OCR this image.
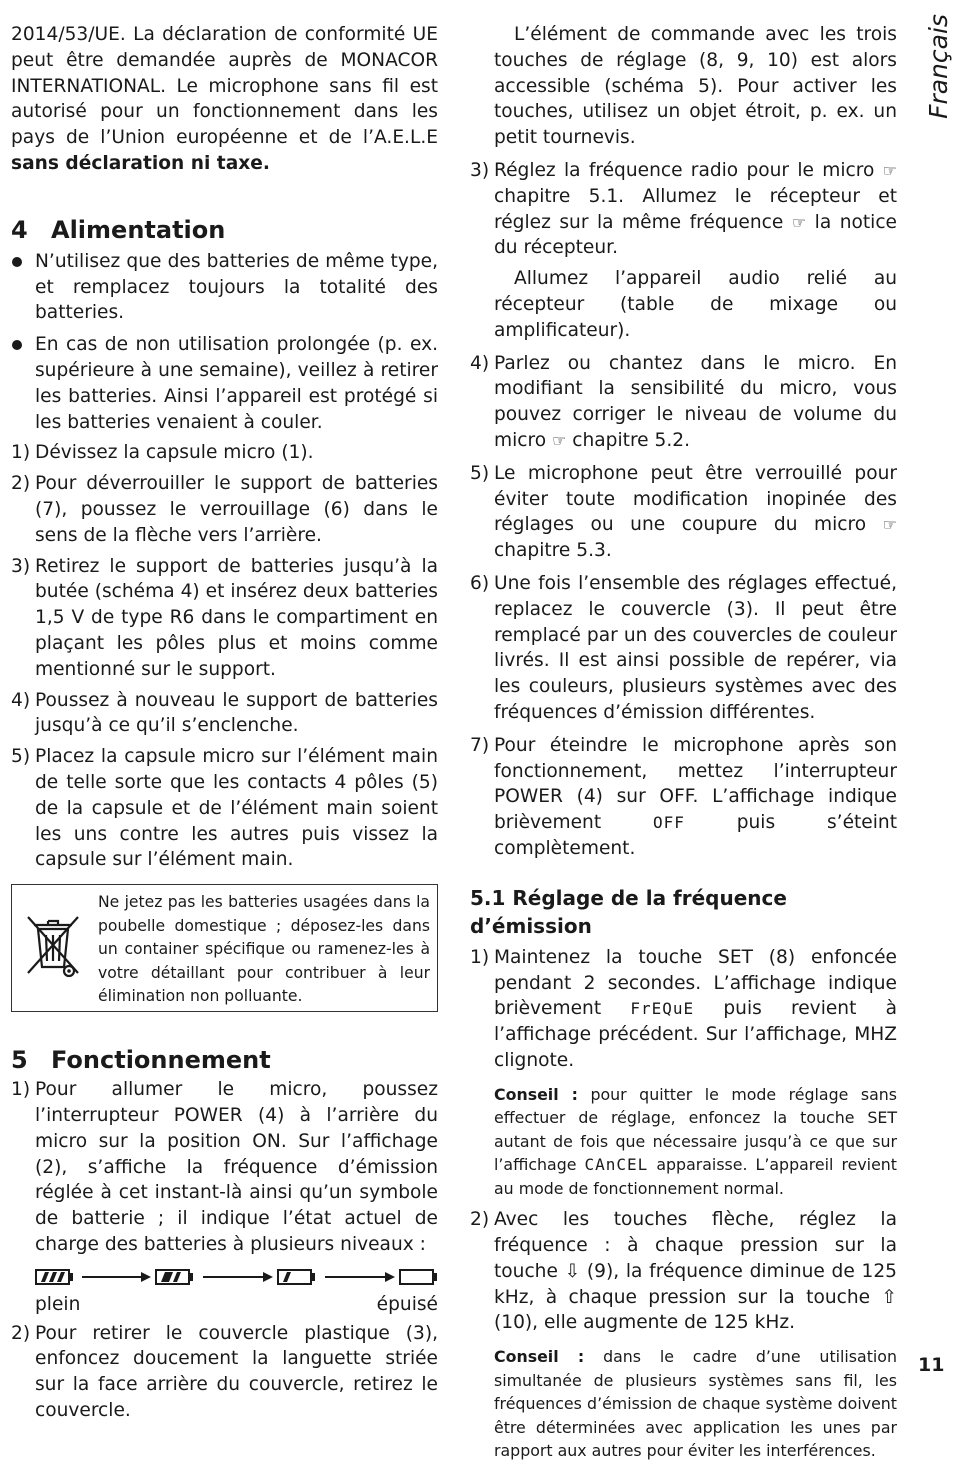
Français

2014/53/UE. La déclaration de conformité UE peut être demandée auprès de MONACOR INTERNATIONAL. Le microphone sans fil est autorisé pour un fonctionnement dans les pays de l’Union européenne et de l’A.E.L.E sans déclaration ni taxe.

4 Alimentation
N’utilisez que des batteries de même type, et remplacez toujours la totalité des batteries.
En cas de non utilisation prolongée (p. ex. supérieure à une semaine), veillez à retirer les batteries. Ainsi l’appareil est protégé si les batteries venaient à couler.
1) Dévissez la capsule micro (1).
2) Pour déverrouiller le support de batteries (7), poussez le verrouillage (6) dans le sens de la flèche vers l’arrière.
3) Retirez le support de batteries jusqu’à la butée (schéma 4) et insérez deux batteries 1,5 V de type R6 dans le compartiment en plaçant les pôles plus et moins comme mentionné sur le support.
4) Poussez à nouveau le support de batteries jusqu’à ce qu’il s’enclenche.
5) Placez la capsule micro sur l’élément main de telle sorte que les contacts 4 pôles (5) de la capsule et de l’élément main soient les uns contre les autres puis vissez la capsule sur l’élément main.
Ne jetez pas les batteries usagées dans la poubelle domestique ; déposez-les dans un container spécifique ou ramenez-les à votre détaillant pour contribuer à leur élimination non polluante.
5 Fonctionnement
1) Pour allumer le micro, poussez l’interrupteur POWER (4) à l’arrière du micro sur la position ON. Sur l’affichage (2), s’affiche la fréquence d’émission réglée à cet instant-là ainsi qu’un symbole de batterie ; il indique l’état actuel de charge des batteries à plusieurs niveaux :
plein	épuisé
2) Pour retirer le couvercle plastique (3), enfoncez doucement la languette striée sur la face arrière du couvercle, retirez le couvercle.

L’élément de commande avec les trois touches de réglage (8, 9, 10) est alors accessible (schéma 5). Pour activer les touches, utilisez un objet étroit, p. ex. un petit tournevis.

3) Réglez la fréquence radio pour le micro ☞ chapitre 5.1. Allumez le récepteur et réglez sur la même fréquence ☞ la notice du récepteur.

Allumez l’appareil audio relié au récepteur (table de mixage ou amplificateur).

4) Parlez ou chantez dans le micro. En modifiant la sensibilité du micro, vous pouvez corriger le niveau de volume du micro ☞ chapitre 5.2.
5) Le microphone peut être verrouillé pour éviter toute modification inopinée des réglages ou une coupure du micro ☞ chapitre 5.3.
6) Une fois l’ensemble des réglages effectué, replacez le couvercle (3). Il peut être remplacé par un des couvercles de couleur livrés. Il est ainsi possible de repérer, via les couleurs, plusieurs systèmes avec des fréquences d’émission différentes.
7) Pour éteindre le microphone après son fonctionnement, mettez l’interrupteur POWER (4) sur OFF. L’affichage indique brièvement OFF puis s’éteint complètement.
5.1 Réglage de la fréquence d’émission
1) Maintenez la touche SET (8) enfoncée pendant 2 secondes. L’affichage indique brièvement FrEQuE puis revient à l’affichage précédent. Sur l’affichage, MHZ clignote.

Conseil : pour quitter le mode réglage sans effectuer de réglage, enfoncez la touche SET autant de fois que nécessaire jusqu’à ce que sur l’affichage CAnCEL apparaisse. L’appareil revient au mode de fonctionnement normal.

2) Avec les touches flèche, réglez la fréquence : à chaque pression sur la touche ⇩ (9), la fréquence diminue de 125 kHz, à chaque pression sur la touche ⇧ (10), elle augmente de 125 kHz.

Conseil : dans le cadre d’une utilisation simultanée de plusieurs systèmes sans fil, les fréquences d’émission de chaque système doivent être déterminées avec application les unes par rapport aux autres pour éviter les interférences.

11
